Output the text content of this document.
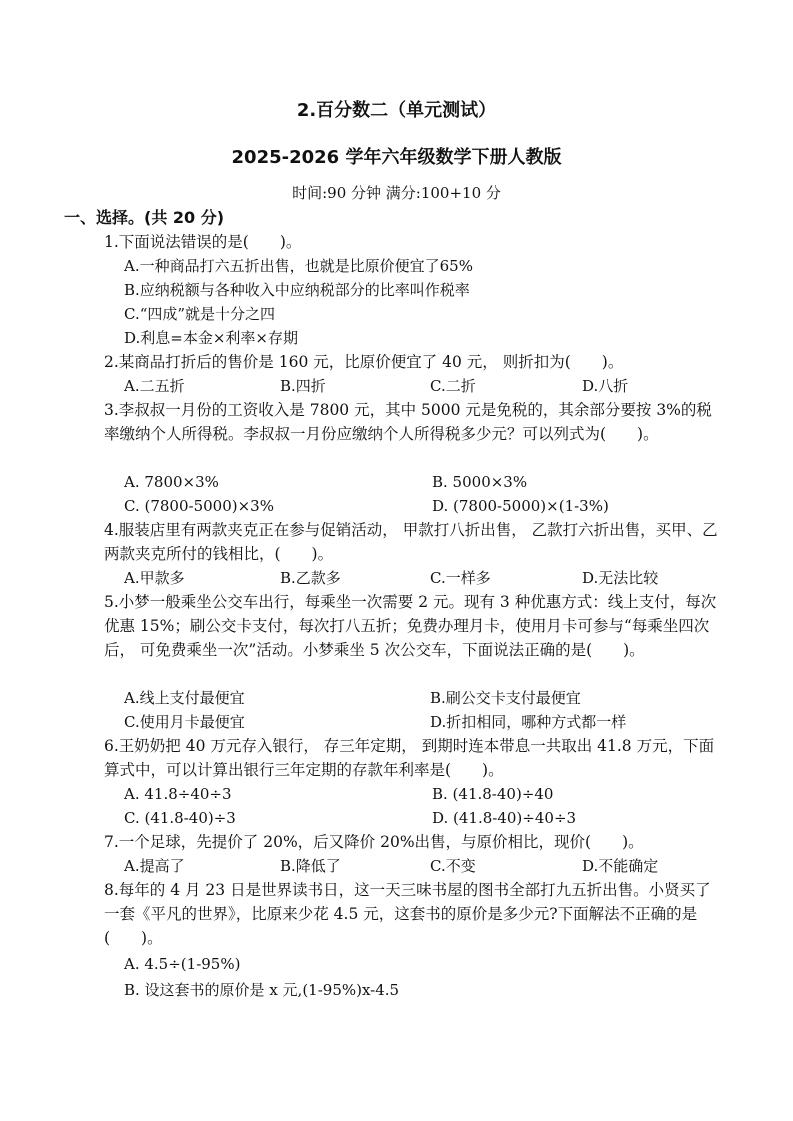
2.百分数二（单元测试）
2025-2026 学年六年级数学下册人教版
时间:90 分钟 满分:100+10 分
一、选择。(共 20 分)
1.下面说法错误的是(　　)。
A.一种商品打六五折出售，也就是比原价便宜了65%
B.应纳税额与各种收入中应纳税部分的比率叫作税率
C.“四成”就是十分之四
D.利息=本金×利率×存期
2.某商品打折后的售价是 160 元，比原价便宜了 40 元， 则折扣为(　　)。
A.二五折	B.四折	C.二折	D.八折
3.李叔叔一月份的工资收入是 7800 元，其中 5000 元是免税的，其余部分要按 3%的税率缴纳个人所得税。李叔叔一月份应缴纳个人所得税多少元？可以列式为(　　)。
A. 7800×3%	B. 5000×3%
C. (7800-5000)×3%	D. (7800-5000)×(1-3%)
4.服装店里有两款夹克正在参与促销活动， 甲款打八折出售， 乙款打六折出售，买甲、乙两款夹克所付的钱相比，(　　)。
A.甲款多	B.乙款多	C.一样多	D.无法比较
5.小梦一般乘坐公交车出行，每乘坐一次需要 2 元。现有 3 种优惠方式：线上支付，每次优惠 15%；刷公交卡支付，每次打八五折；免费办理月卡，使用月卡可参与“每乘坐四次后， 可免费乘坐一次”活动。小梦乘坐 5 次公交车，下面说法正确的是(　　)。
A.线上支付最便宜	B.刷公交卡支付最便宜
C.使用月卡最便宜	D.折扣相同，哪种方式都一样
6.王奶奶把 40 万元存入银行， 存三年定期， 到期时连本带息一共取出 41.8 万元，下面算式中，可以计算出银行三年定期的存款年利率是(　　)。
A. 41.8÷40÷3	B. (41.8-40)÷40
C. (41.8-40)÷3	D. (41.8-40)÷40÷3
7.一个足球，先提价了 20%，后又降价 20%出售，与原价相比，现价(　　)。
A.提高了	B.降低了	C.不变	D.不能确定
8.每年的 4 月 23 日是世界读书日，这一天三味书屋的图书全部打九五折出售。小贤买了一套《平凡的世界》，比原来少花 4.5 元，这套书的原价是多少元?下面解法不正确的是(　　)。
A. 4.5÷(1-95%)
B. 设这套书的原价是 x 元,(1-95%)x-4.5
